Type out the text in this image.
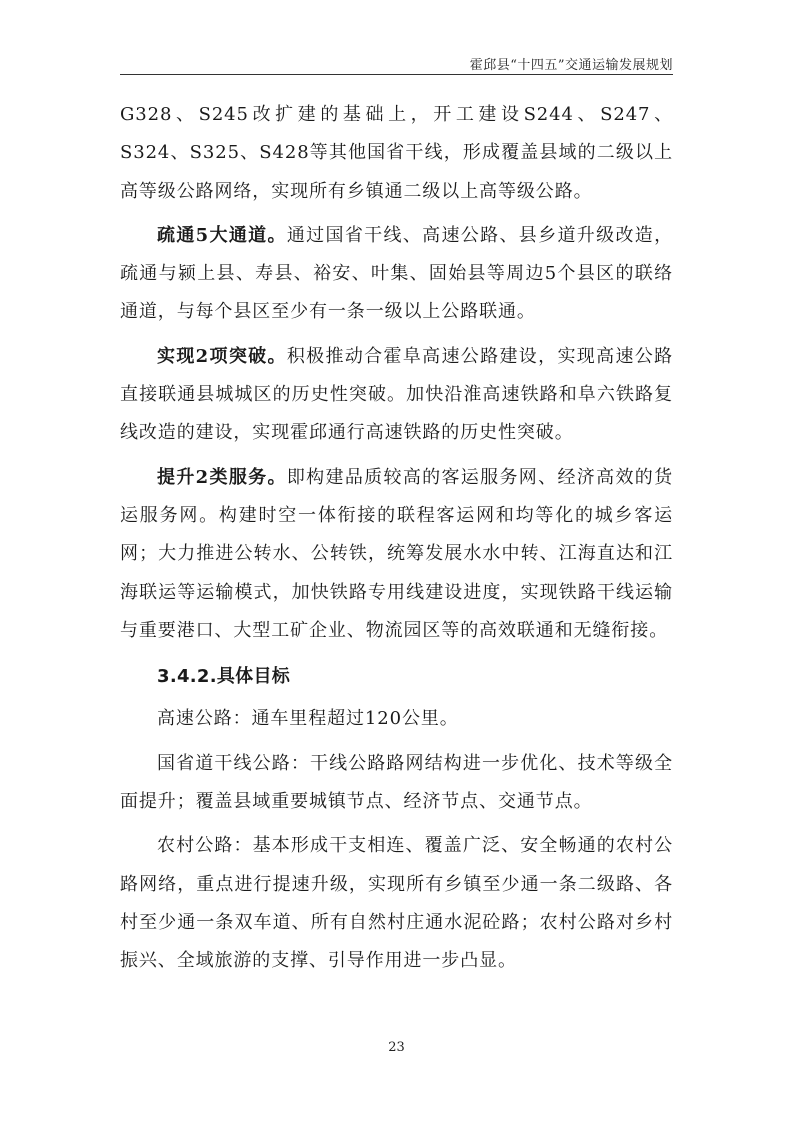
霍邱县“十四五”交通运输发展规划

G328、S245改扩建的基础上，开工建设S244、S247、S324、S325、S428等其他国省干线，形成覆盖县域的二级以上高等级公路网络，实现所有乡镇通二级以上高等级公路。

疏通5大通道。通过国省干线、高速公路、县乡道升级改造，疏通与颍上县、寿县、裕安、叶集、固始县等周边5个县区的联络通道，与每个县区至少有一条一级以上公路联通。

实现2项突破。积极推动合霍阜高速公路建设，实现高速公路直接联通县城城区的历史性突破。加快沿淮高速铁路和阜六铁路复线改造的建设，实现霍邱通行高速铁路的历史性突破。

提升2类服务。即构建品质较高的客运服务网、经济高效的货运服务网。构建时空一体衔接的联程客运网和均等化的城乡客运网；大力推进公转水、公转铁，统筹发展水水中转、江海直达和江海联运等运输模式，加快铁路专用线建设进度，实现铁路干线运输与重要港口、大型工矿企业、物流园区等的高效联通和无缝衔接。

3.4.2.具体目标

高速公路：通车里程超过120公里。

国省道干线公路：干线公路路网结构进一步优化、技术等级全面提升；覆盖县域重要城镇节点、经济节点、交通节点。

农村公路：基本形成干支相连、覆盖广泛、安全畅通的农村公路网络，重点进行提速升级，实现所有乡镇至少通一条二级路、各村至少通一条双车道、所有自然村庄通水泥砼路；农村公路对乡村振兴、全域旅游的支撑、引导作用进一步凸显。

23
